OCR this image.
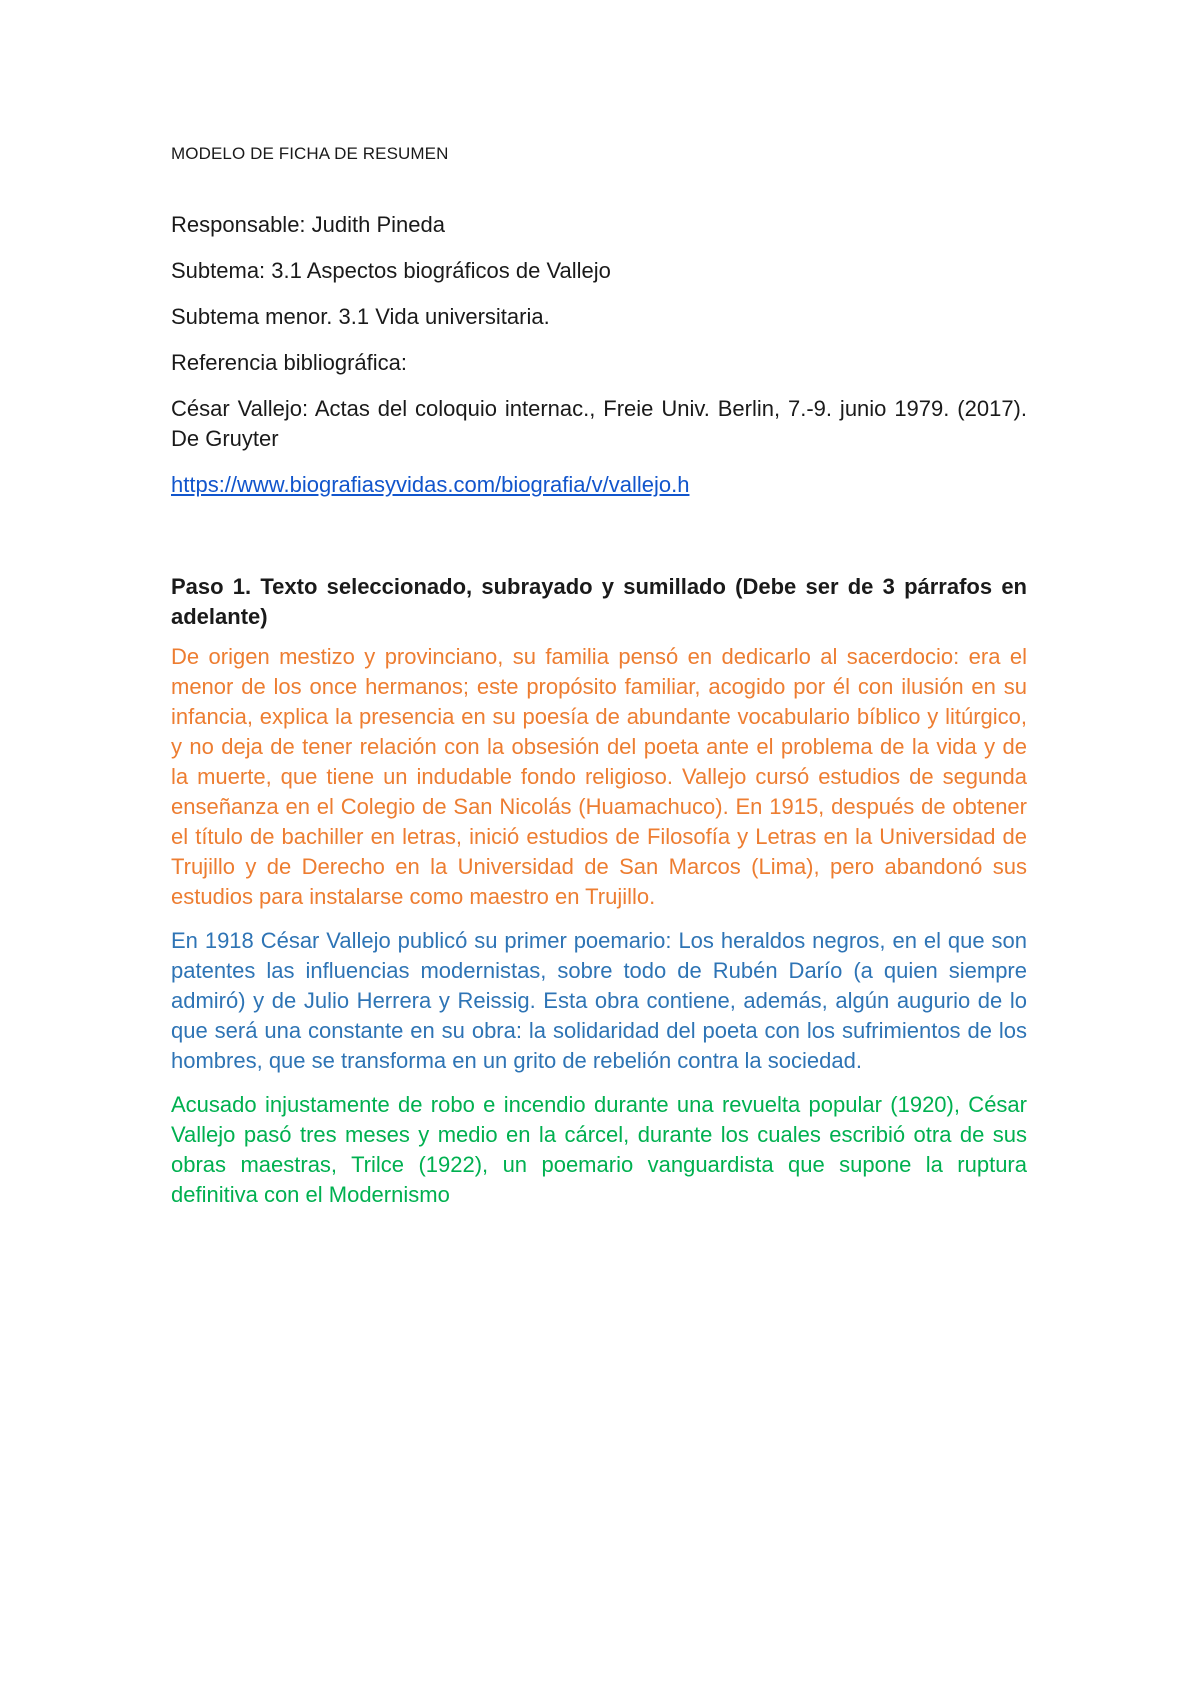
MODELO DE FICHA DE RESUMEN

Responsable: Judith Pineda

Subtema: 3.1 Aspectos biográficos de Vallejo

Subtema menor. 3.1 Vida universitaria.

Referencia bibliográfica:

César Vallejo: Actas del coloquio internac., Freie Univ. Berlin, 7.-9. junio 1979. (2017). De Gruyter

https://www.biografiasyvidas.com/biografia/v/vallejo.h

Paso 1. Texto seleccionado, subrayado y sumillado (Debe ser de 3 párrafos en adelante)

De origen mestizo y provinciano, su familia pensó en dedicarlo al sacerdocio: era el menor de los once hermanos; este propósito familiar, acogido por él con ilusión en su infancia, explica la presencia en su poesía de abundante vocabulario bíblico y litúrgico, y no deja de tener relación con la obsesión del poeta ante el problema de la vida y de la muerte, que tiene un indudable fondo religioso. Vallejo cursó estudios de segunda enseñanza en el Colegio de San Nicolás (Huamachuco). En 1915, después de obtener el título de bachiller en letras, inició estudios de Filosofía y Letras en la Universidad de Trujillo y de Derecho en la Universidad de San Marcos (Lima), pero abandonó sus estudios para instalarse como maestro en Trujillo.

En 1918 César Vallejo publicó su primer poemario: Los heraldos negros, en el que son patentes las influencias modernistas, sobre todo de Rubén Darío (a quien siempre admiró) y de Julio Herrera y Reissig. Esta obra contiene, además, algún augurio de lo que será una constante en su obra: la solidaridad del poeta con los sufrimientos de los hombres, que se transforma en un grito de rebelión contra la sociedad.

Acusado injustamente de robo e incendio durante una revuelta popular (1920), César Vallejo pasó tres meses y medio en la cárcel, durante los cuales escribió otra de sus obras maestras, Trilce (1922), un poemario vanguardista que supone la ruptura definitiva con el Modernismo
